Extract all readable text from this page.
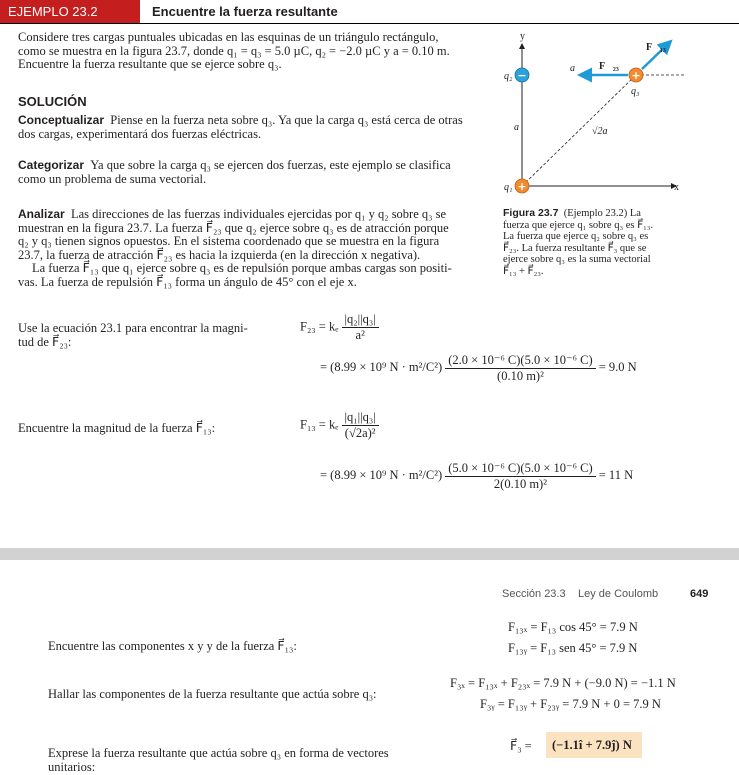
EJEMPLO 23.2	Encuentre la fuerza resultante
Considere tres cargas puntuales ubicadas en las esquinas de un triángulo rectángulo,
como se muestra en la figura 23.7, donde q₁ = q₃ = 5.0 µC, q₂ = −2.0 µC y a = 0.10 m.
Encuentre la fuerza resultante que se ejerce sobre q₃.
SOLUCIÓN
Conceptualizar Piense en la fuerza neta sobre q₃. Ya que la carga q₃ está cerca de otras
dos cargas, experimentará dos fuerzas eléctricas.
Categorizar Ya que sobre la carga q₃ se ejercen dos fuerzas, este ejemplo se clasifica
como un problema de suma vectorial.
Analizar Las direcciones de las fuerzas individuales ejercidas por q₁ y q₂ sobre q₃ se
muestran en la figura 23.7. La fuerza F⃗₂₃ que q₂ ejerce sobre q₃ es de atracción porque
q₂ y q₃ tienen signos opuestos. En el sistema coordenado que se muestra en la figura
23.7, la fuerza de atracción F⃗₂₃ es hacia la izquierda (en la dirección x negativa).
La fuerza F⃗₁₃ que q₁ ejerce sobre q₃ es de repulsión porque ambas cargas son positi-
vas. La fuerza de repulsión F⃗₁₃ forma un ángulo de 45° con el eje x.
y
x
F⃗₁₃
F⃗₂₃
a
a	√2a
q₂
q₁
q₃
−	+
+
Figura 23.7 (Ejemplo 23.2) La
fuerza que ejerce q₁ sobre q₃ es F⃗₁₃.
La fuerza que ejerce q₂ sobre q₃ es
F⃗₂₃. La fuerza resultante F⃗₃ que se
ejerce sobre q₃ es la suma vectorial
F⃗₁₃ + F⃗₂₃.
Use la ecuación 23.1 para encontrar la magni-
tud de F⃗₂₃:
F₂₃ = kₑ $\frac{\text{|q₂||q₃|}}{\text{a²}}$
= (8.99 × 10⁹ $N \cdot m^2/C^2) \frac{\text{(2.0 × 10⁻⁶ C)(5.0 × 10⁻⁶ C)}}{\text{(0.10 m)²}} = 9.0$ N
Encuentre la magnitud de la fuerza F⃗₁₃:	F₁₃ = kₑ $\frac{\text{|q₁||q₃|}}{\text{(√2a)²}}$
= (8.99 × 10⁹ $N \cdot m^2/C^2) \frac{\text{(5.0 × 10⁻⁶ C)(5.0 × 10⁻⁶ C)}}{\text{2(0.10 m)²}} = 11$ N
Sección 23.3 Ley de Coulomb	649
Encuentre las componentes x y y de la fuerza F⃗₁₃:
F₁₃ₓ = F₁₃ cos 45° = 7.9 N
F₁₃ᵧ = F₁₃ sen 45° = 7.9 N
Hallar las componentes de la fuerza resultante que actúa sobre q₃:
F₃ₓ = F₁₃ₓ + F₂₃ₓ = 7.9 N + (−9.0 N) = −1.1 N
F₃ᵧ = F₁₃ᵧ + F₂₃ᵧ = 7.9 N + 0 = 7.9 N
Exprese la fuerza resultante que actúa sobre q₃ en forma de vectores
unitarios:
F⃗₃ = (−1.1î + 7.9ĵ) N
